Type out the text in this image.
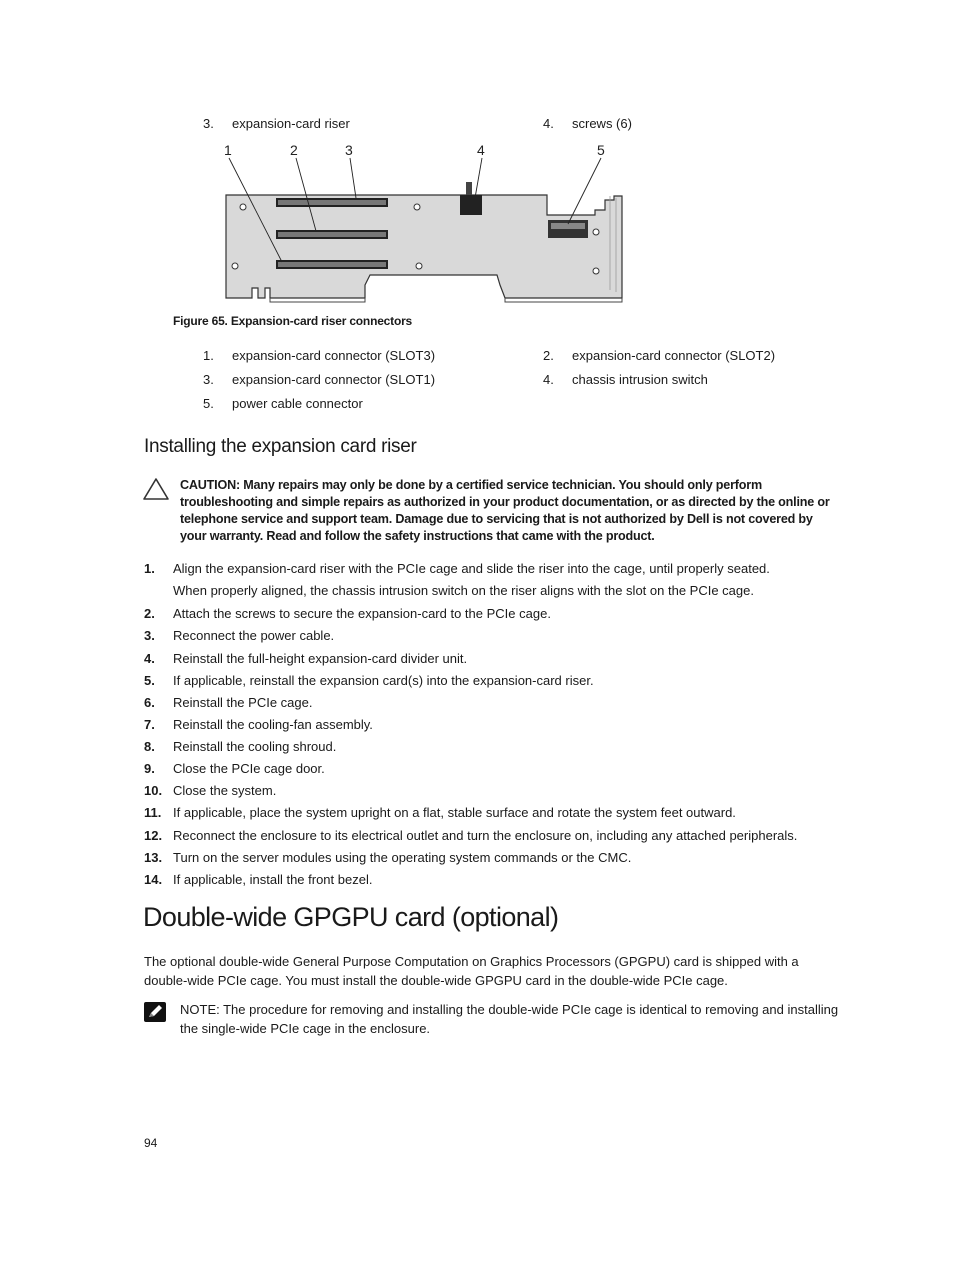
3. expansion-card riser	4. screws (6)
1	2	3	4	5
Figure 65. Expansion-card riser connectors
1. expansion-card connector (SLOT3)	2. expansion-card connector (SLOT2)
3. expansion-card connector (SLOT1)	4. chassis intrusion switch
5. power cable connector
Installing the expansion card riser
CAUTION: Many repairs may only be done by a certified service technician. You should only perform troubleshooting and simple repairs as authorized in your product documentation, or as directed by the online or telephone service and support team. Damage due to servicing that is not authorized by Dell is not covered by your warranty. Read and follow the safety instructions that came with the product.
1. Align the expansion-card riser with the PCIe cage and slide the riser into the cage, until properly seated.
When properly aligned, the chassis intrusion switch on the riser aligns with the slot on the PCIe cage.
2. Attach the screws to secure the expansion-card to the PCIe cage.
3. Reconnect the power cable.
4. Reinstall the full-height expansion-card divider unit.
5. If applicable, reinstall the expansion card(s) into the expansion-card riser.
6. Reinstall the PCIe cage.
7. Reinstall the cooling-fan assembly.
8. Reinstall the cooling shroud.
9. Close the PCIe cage door.
10. Close the system.
11. If applicable, place the system upright on a flat, stable surface and rotate the system feet outward.
12. Reconnect the enclosure to its electrical outlet and turn the enclosure on, including any attached peripherals.
13. Turn on the server modules using the operating system commands or the CMC.
14. If applicable, install the front bezel.
Double-wide GPGPU card (optional)
The optional double-wide General Purpose Computation on Graphics Processors (GPGPU) card is shipped with a double-wide PCIe cage. You must install the double-wide GPGPU card in the double-wide PCIe cage.
NOTE: The procedure for removing and installing the double-wide PCIe cage is identical to removing and installing the single-wide PCIe cage in the enclosure.
94
